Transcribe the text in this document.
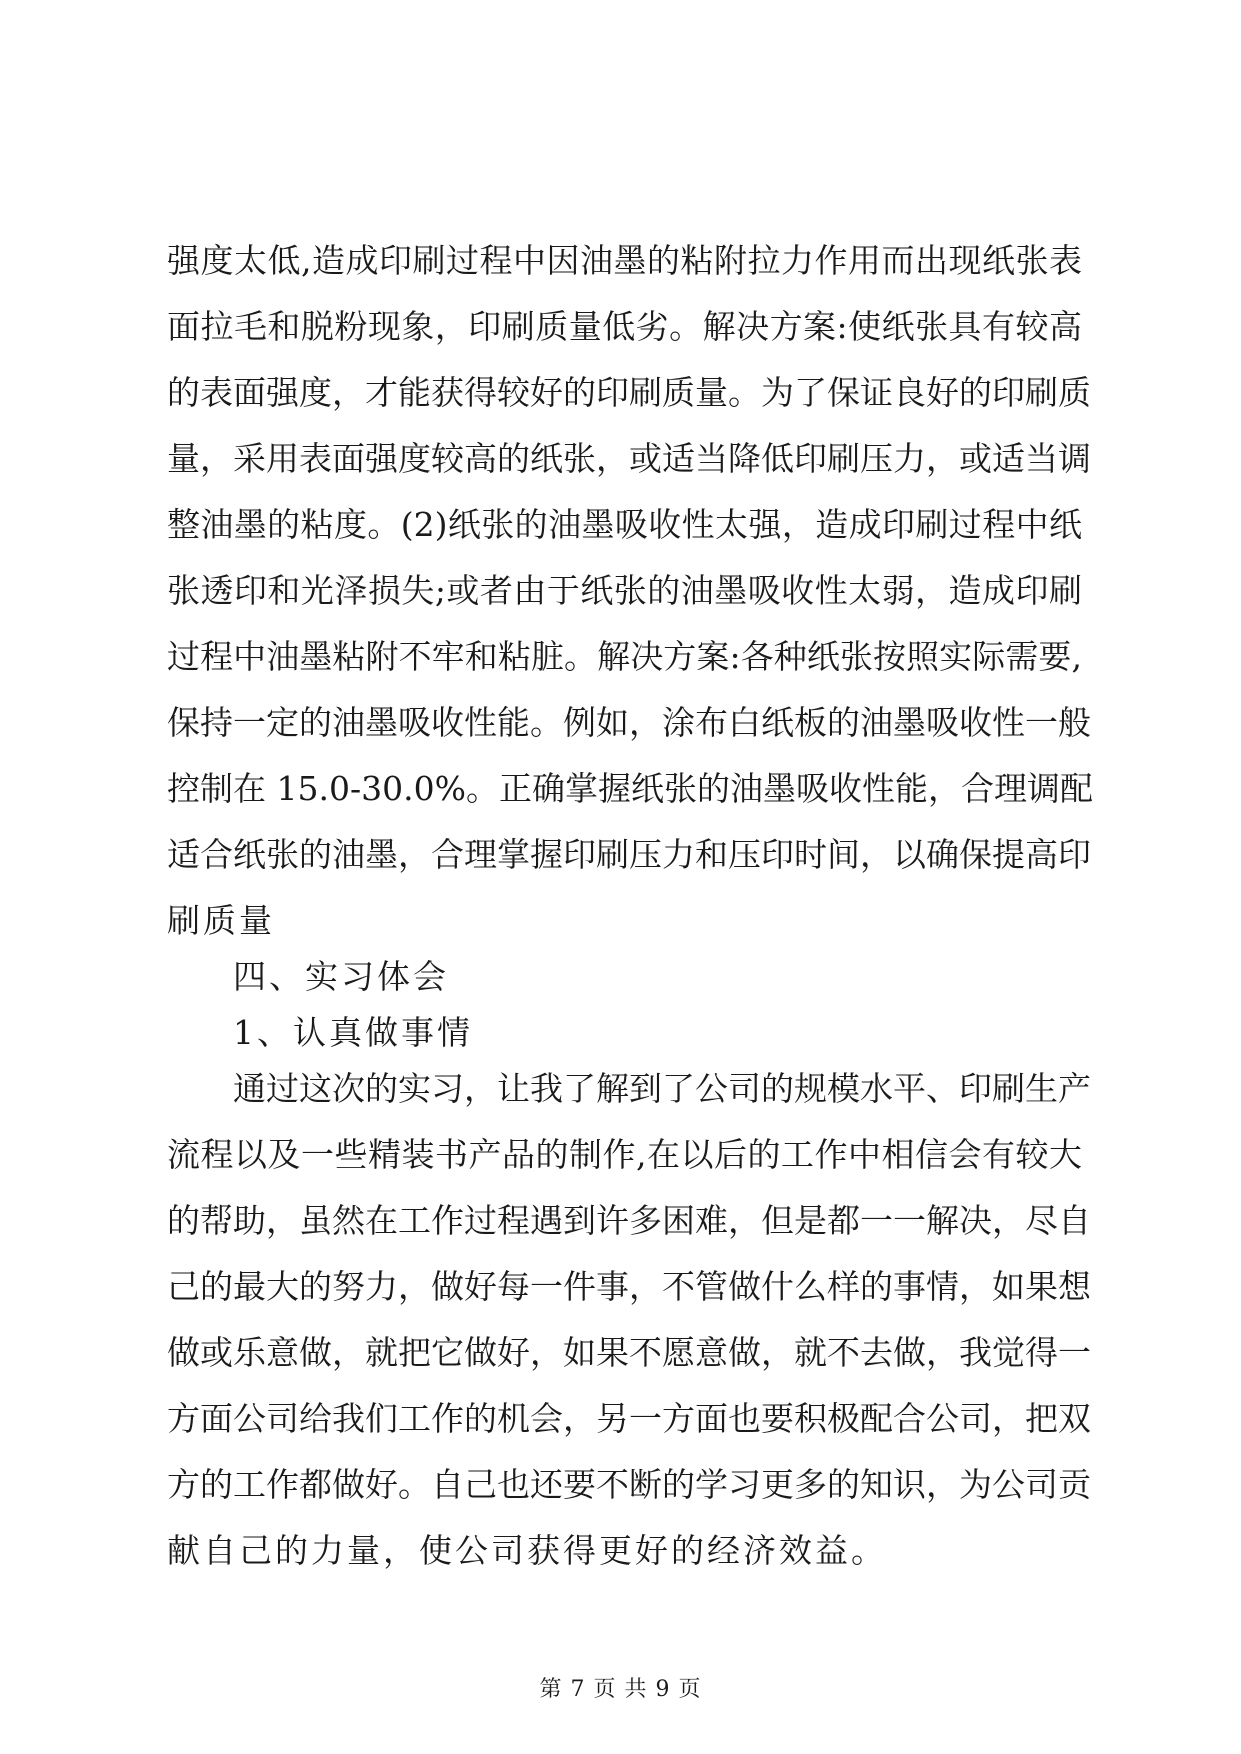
强度太低,造成印刷过程中因油墨的粘附拉力作用而出现纸张表
面拉毛和脱粉现象，印刷质量低劣。解决方案:使纸张具有较高
的表面强度，才能获得较好的印刷质量。为了保证良好的印刷质
量，采用表面强度较高的纸张，或适当降低印刷压力，或适当调
整油墨的粘度。(2)纸张的油墨吸收性太强，造成印刷过程中纸
张透印和光泽损失;或者由于纸张的油墨吸收性太弱，造成印刷
过程中油墨粘附不牢和粘脏。解决方案:各种纸张按照实际需要,
保持一定的油墨吸收性能。例如，涂布白纸板的油墨吸收性一般
控制在 15.0-30.0%。正确掌握纸张的油墨吸收性能，合理调配
适合纸张的油墨，合理掌握印刷压力和压印时间，以确保提高印
刷质量
四、实习体会
1、认真做事情
通过这次的实习，让我了解到了公司的规模水平、印刷生产
流程以及一些精装书产品的制作,在以后的工作中相信会有较大
的帮助，虽然在工作过程遇到许多困难，但是都一一解决，尽自
己的最大的努力，做好每一件事，不管做什么样的事情，如果想
做或乐意做，就把它做好，如果不愿意做，就不去做，我觉得一
方面公司给我们工作的机会，另一方面也要积极配合公司，把双
方的工作都做好。自己也还要不断的学习更多的知识，为公司贡
献自己的力量，使公司获得更好的经济效益。
第 7 页 共 9 页
